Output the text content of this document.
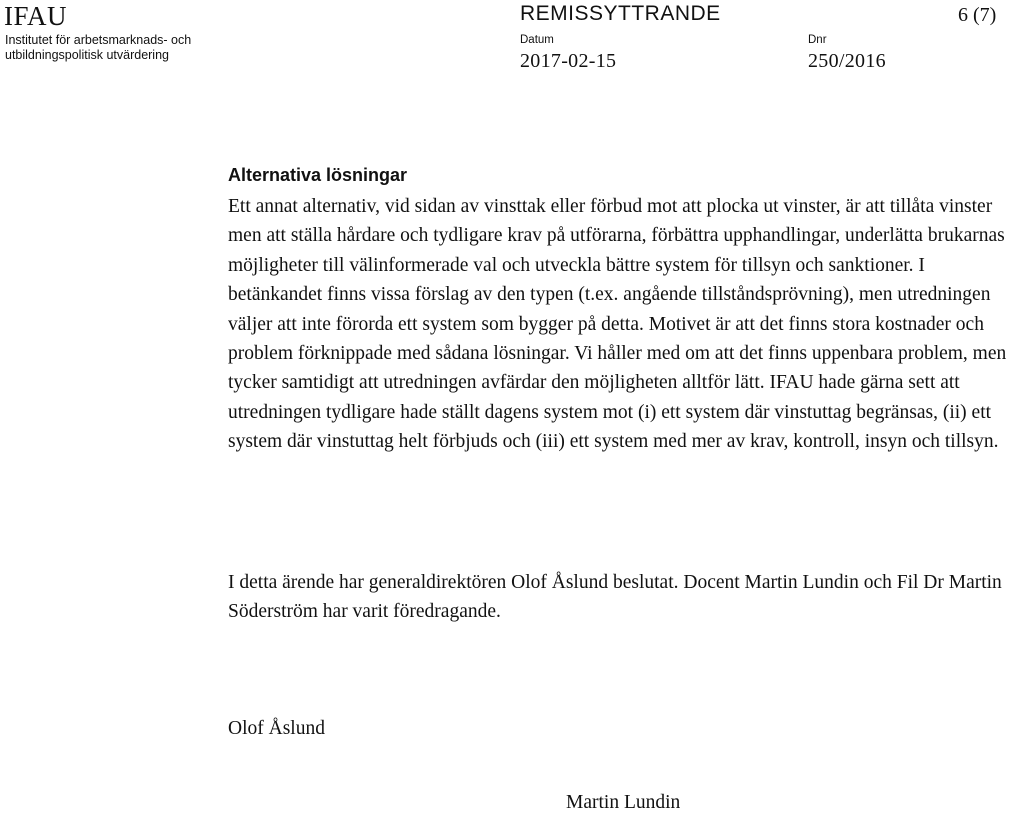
IFAU
Institutet för arbetsmarknads- och
utbildningspolitisk utvärdering
REMISSYTTRANDE	6 (7)
Datum
2017-02-15
Dnr
250/2016
Alternativa lösningar

Ett annat alternativ, vid sidan av vinsttak eller förbud mot att plocka ut vinster, är att tillåta vinster men att ställa hårdare och tydligare krav på utförarna, förbättra upphandlingar, underlätta brukarnas möjligheter till välinformerade val och utveckla bättre system för tillsyn och sanktioner. I betänkandet finns vissa förslag av den typen (t.ex. angående tillståndsprövning), men utredningen väljer att inte förorda ett system som bygger på detta. Motivet är att det finns stora kostnader och problem förknippade med sådana lösningar. Vi håller med om att det finns uppenbara problem, men tycker samtidigt att utredningen avfärdar den möjligheten alltför lätt. IFAU hade gärna sett att utredningen tydligare hade ställt dagens system mot (i) ett system där vinstuttag begränsas, (ii) ett system där vinstuttag helt förbjuds och (iii) ett system med mer av krav, kontroll, insyn och tillsyn.

I detta ärende har generaldirektören Olof Åslund beslutat. Docent Martin Lundin och Fil Dr Martin Söderström har varit föredragande.

Olof Åslund
Martin Lundin
